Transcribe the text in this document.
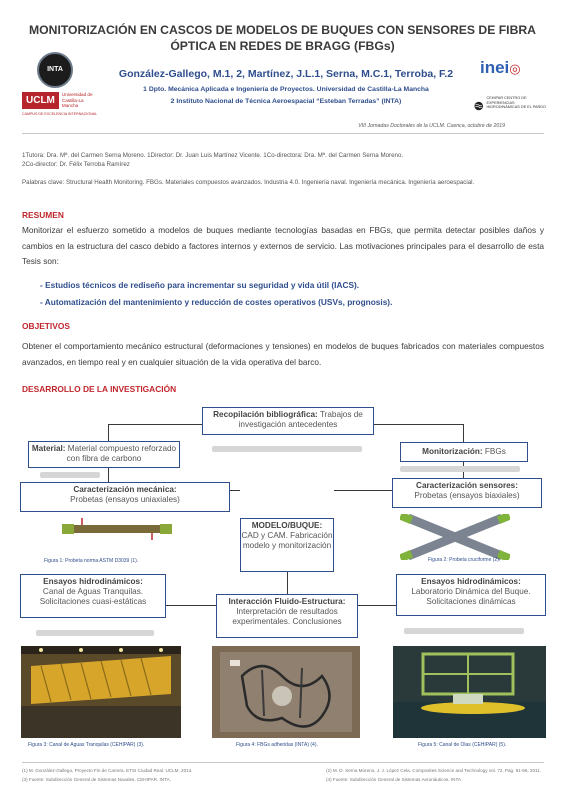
MONITORIZACIÓN EN CASCOS DE MODELOS DE BUQUES CON SENSORES DE FIBRA ÓPTICA EN REDES DE BRAGG (FBGs)
INTA	González-Gallego, M.1, 2, Martínez, J.L.1, Serna, M.C.1, Terroba, F.2
1 Dpto. Mecánica Aplicada e Ingeniería de Proyectos. Universidad de Castilla-La Mancha
2 Instituto Nacional de Técnica Aeroespacial “Esteban Terradas” (INTA)
UCLM
Universidad de Castilla-La Mancha
CAMPUS DE EXCELENCIA INTERNACIONAL
inei◎
CEHIPAR CENTRO DE EXPERIENCIAS HIDRODINÁMICAS DE EL PARDO
VIII Jornadas Doctorales de la UCLM. Cuenca, octubre de 2019
1Tutora: Dra. Mª. del Carmen Serna Moreno. 1Director: Dr. Juan Luis Martínez Vicente. 1Co-directora: Dra. Mª. del Carmen Serna Moreno.
2Co-director: Dr. Félix Terroba Ramírez
Palabras clave: Structural Health Monitoring. FBGs. Materiales compuestos avanzados. Industria 4.0. Ingeniería naval. Ingeniería mecánica. Ingeniería aeroespacial.
RESUMEN
Monitorizar el esfuerzo sometido a modelos de buques mediante tecnologías basadas en FBGs, que permita detectar posibles daños y cambios en la estructura del casco debido a factores internos y externos de servicio. Las motivaciones principales para el desarrollo de esta Tesis son:
- Estudios técnicos de rediseño para incrementar su seguridad y vida útil (IACS).
- Automatización del mantenimiento y reducción de costes operativos (USVs, prognosis).
OBJETIVOS
Obtener el comportamiento mecánico estructural (deformaciones y tensiones) en modelos de buques fabricados con materiales compuestos avanzados, en tiempo real y en cualquier situación de la vida operativa del barco.
DESARROLLO DE LA INVESTIGACIÓN
Recopilación bibliográfica: Trabajos de investigación antecedentes
Material: Material compuesto reforzado con fibra de carbono
Monitorización: FBGs
Caracterización mecánica:
Probetas (ensayos uniaxiales)
Caracterización sensores:
Probetas (ensayos biaxiales)
MODELO/BUQUE:
CAD y CAM. Fabricación modelo y monitorización
Figura 1: Probeta norma ASTM D3039 (1).	Figura 2: Probeta cruciforme (2).
Ensayos hidrodinámicos:
Canal de Aguas Tranquilas. Solicitaciones cuasi-estáticas
Ensayos hidrodinámicos:
Laboratorio Dinámica del Buque. Solicitaciones dinámicas
Interacción Fluido-Estructura:
Interpretación de resultados experimentales. Conclusiones
Figura 3: Canal de Aguas Tranquilas (CEHIPAR) (3).	Figura 4: FBGs adheridas (INTA) (4).	Figura 5: Canal de Olas (CEHIPAR) (5).
(1) M. González-Gallego, Proyecto Fin de Carrera. ETSI Ciudad Real. UCLM. 2014.
(3) Fuente: Subdirección General de Sistemas Navales, CEHIPAR. INTA.
(2) M. D. Serna Moreno, J. J. López Cela. Composites Science and Technology vol. 72, Pag. 91-96, 2011.
(4) Fuente: Subdirección General de Sistemas Aeronáuticos. INTA.
